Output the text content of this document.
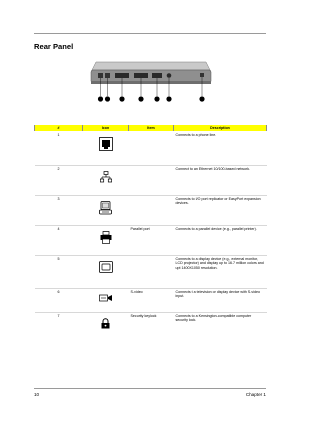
Rear Panel
#	Icon	Item	Description
1			Connects to a phone line.
2			Connect to an Ethernet 10/100-based network.
3			Connects to I/O port replicator or EasyPort expansion devices.
4		Parallel port	Connects to a parallel device (e.g., parallel printer).
5			Connects to a display device (e.g., external monitor, LCD projector) and display up to 16.7 million colors and upt 1400X1050 resolution.
6		S-video	Connects t a television or display device with S-video input.
7		Security keylock	Connects to a Kensington-compatible computer security lock.
10	Chapter 1
